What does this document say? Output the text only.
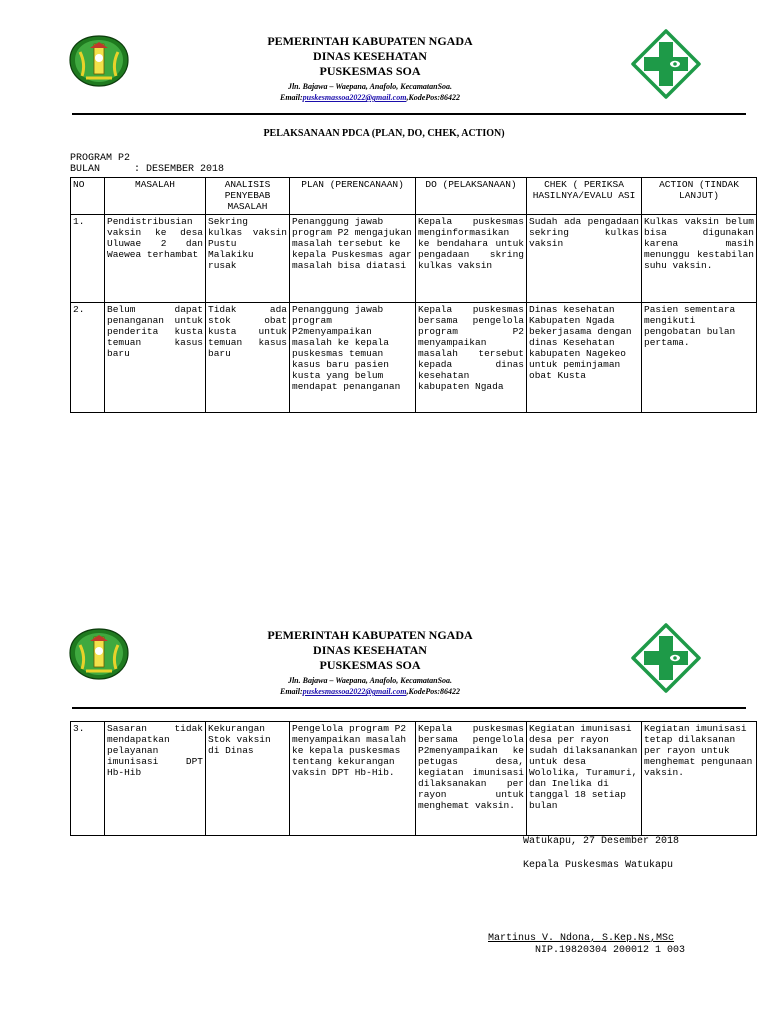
PEMERINTAH KABUPATEN NGADA
DINAS KESEHATAN
PUSKESMAS SOA
Jln. Bajawa – Waepana, Anafolo, KecamatanSoa.
Email:puskesmassoa2022@gmail.com,KodePos:86422
PELAKSANAAN PDCA (PLAN, DO, CHEK, ACTION)
PROGRAM P2
BULAN	: DESEMBER 2018
NO	MASALAH	ANALISIS PENYEBAB MASALAH	PLAN (PERENCANAAN)	DO (PELAKSANAAN)	CHEK ( PERIKSA HASILNYA/EVALU ASI	ACTION (TINDAK LANJUT)
1.	Pendistribusian vaksin ke desa Uluwae 2 dan Waewea terhambat	Sekring kulkas vaksin Pustu Malakiku rusak	Penanggung jawab program P2 mengajukan masalah tersebut ke kepala Puskesmas agar masalah bisa diatasi	Kepala puskesmas menginformasikan ke bendahara untuk pengadaan skring kulkas vaksin	Sudah ada pengadaan sekring kulkas vaksin	Kulkas vaksin belum bisa digunakan karena masih menunggu kestabilan suhu vaksin.
2.	Belum dapat penanganan untuk penderita kusta temuan kasus baru	Tidak ada stok obat kusta untuk temuan kasus baru	Penanggung jawab program P2menyampaikan masalah ke kepala puskesmas temuan kasus baru pasien kusta yang belum mendapat penanganan	Kepala puskesmas bersama pengelola program P2 menyampaikan masalah tersebut kepada dinas kesehatan kabupaten Ngada	Dinas kesehatan Kabupaten Ngada bekerjasama dengan dinas Kesehatan kabupaten Nagekeo untuk peminjaman obat Kusta	Pasien sementara mengikuti pengobatan bulan pertama.
PEMERINTAH KABUPATEN NGADA
DINAS KESEHATAN
PUSKESMAS SOA
Jln. Bajawa – Waepana, Anafolo, KecamatanSoa.
Email:puskesmassoa2022@gmail.com,KodePos:86422
3.	Sasaran tidak mendapatkan pelayanan imunisasi DPT Hb-Hib	Kekurangan Stok vaksin di Dinas	Pengelola program P2 menyampaikan masalah ke kepala puskesmas tentang kekurangan vaksin DPT Hb-Hib.	Kepala puskesmas bersama pengelola P2menyampaikan ke petugas desa, kegiatan imunisasi dilaksanakan per rayon untuk menghemat vaksin.	Kegiatan imunisasi desa per rayon sudah dilaksanankan untuk desa Wololika, Turamuri, dan Inelika di tanggal 18 setiap bulan	Kegiatan imunisasi tetap dilaksanan per rayon untuk menghemat pengunaan vaksin.
Watukapu, 27 Desember 2018
Kepala Puskesmas Watukapu
Martinus V. Ndona, S.Kep.Ns,MSc
NIP.19820304 200012 1 003
